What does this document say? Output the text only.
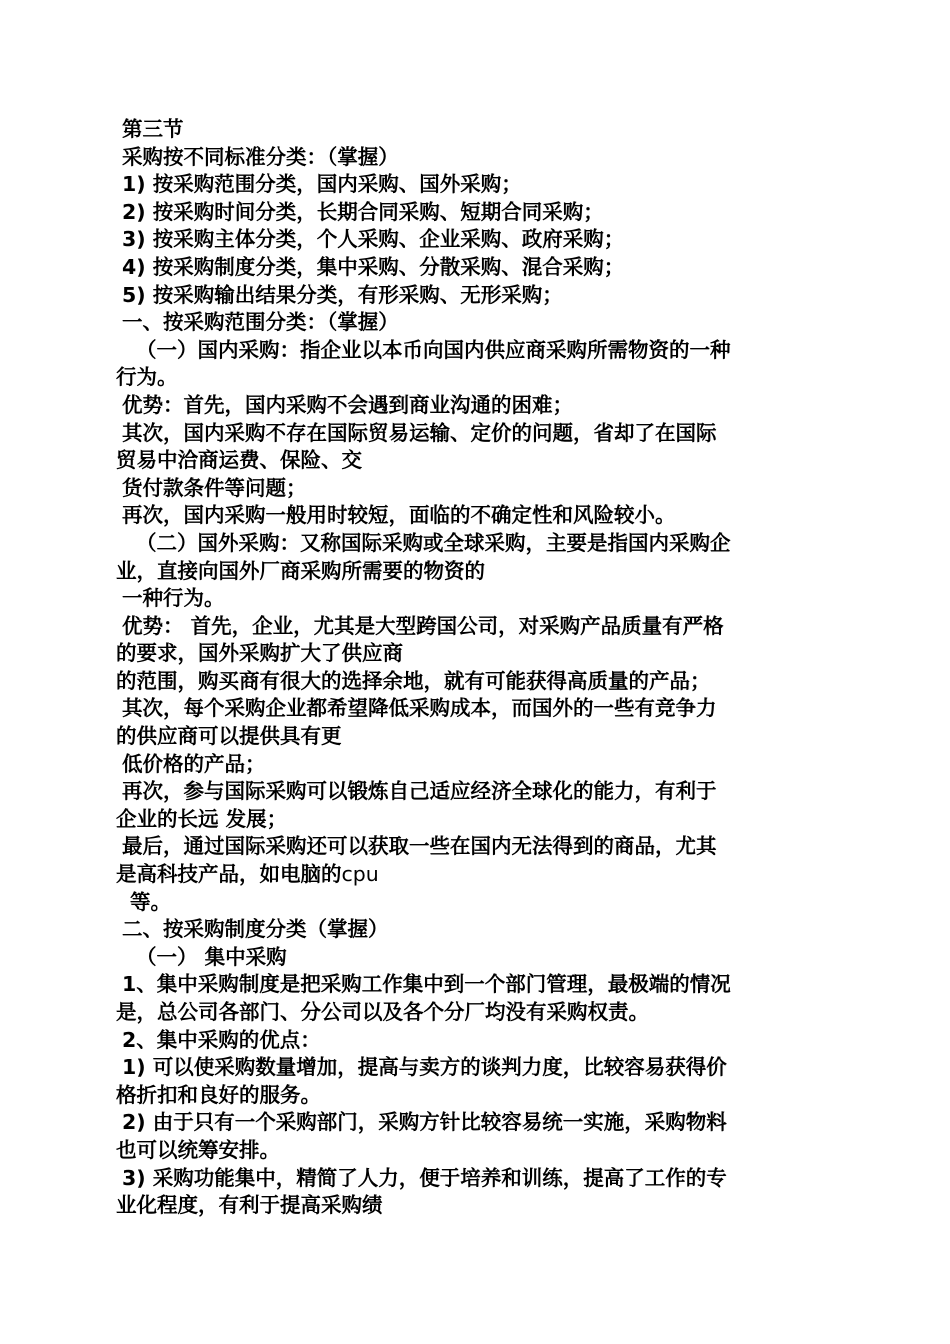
第三节
采购按不同标准分类：（掌握）
1) 按采购范围分类，国内采购、国外采购；
2) 按采购时间分类，长期合同采购、短期合同采购；
3) 按采购主体分类，个人采购、企业采购、政府采购；
4) 按采购制度分类，集中采购、分散采购、混合采购；
5) 按采购输出结果分类，有形采购、无形采购；
一、按采购范围分类：（掌握）
（一）国内采购：指企业以本币向国内供应商采购所需物资的一种
行为。
优势：首先，国内采购不会遇到商业沟通的困难；
其次，国内采购不存在国际贸易运输、定价的问题，省却了在国际
贸易中洽商运费、保险、交
货付款条件等问题；
再次，国内采购一般用时较短，面临的不确定性和风险较小。
（二）国外采购：又称国际采购或全球采购，主要是指国内采购企
业，直接向国外厂商采购所需要的物资的
一种行为。
优势： 首先，企业，尤其是大型跨国公司，对采购产品质量有严格
的要求，国外采购扩大了供应商
的范围，购买商有很大的选择余地，就有可能获得高质量的产品；
其次，每个采购企业都希望降低采购成本，而国外的一些有竞争力
的供应商可以提供具有更
低价格的产品；
再次，参与国际采购可以锻炼自己适应经济全球化的能力，有利于
企业的长远 发展；
最后，通过国际采购还可以获取一些在国内无法得到的商品，尤其
是高科技产品，如电脑的cpu
等。
二、按采购制度分类（掌握）
（一） 集中采购
1、集中采购制度是把采购工作集中到一个部门管理，最极端的情况
是，总公司各部门、分公司以及各个分厂均没有采购权责。
2、集中采购的优点：
1) 可以使采购数量增加，提高与卖方的谈判力度，比较容易获得价
格折扣和良好的服务。
2) 由于只有一个采购部门，采购方针比较容易统一实施，采购物料
也可以统筹安排。
3) 采购功能集中，精简了人力，便于培养和训练，提高了工作的专
业化程度，有利于提高采购绩
